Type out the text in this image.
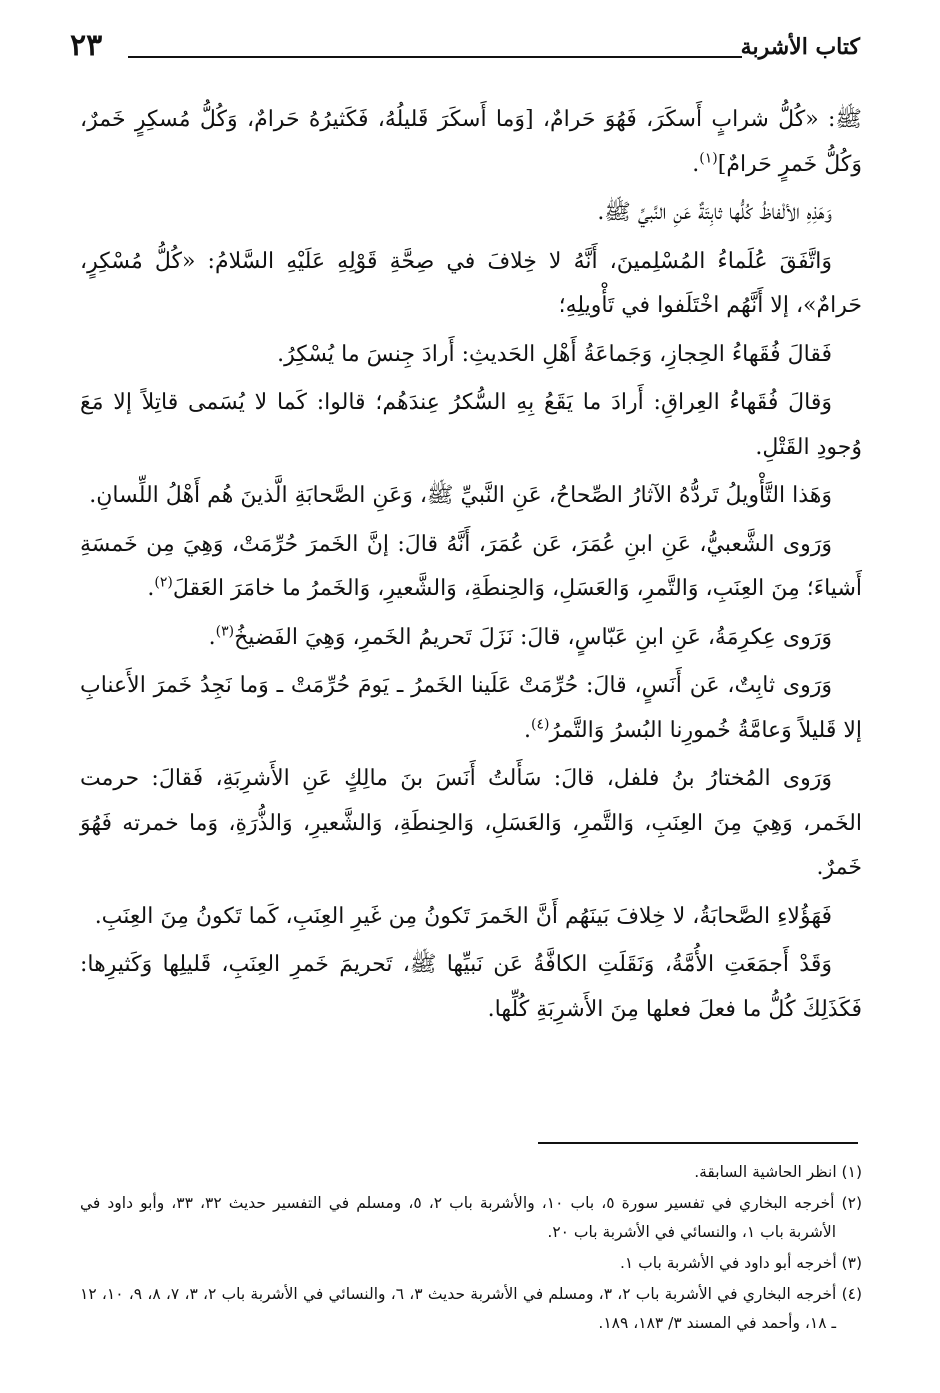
٢٣	كتاب الأشربة

ﷺ: «كُلُّ شرابٍ أَسكَرَ، فَهُوَ حَرامٌ، [وَما أَسكَرَ قَليلُهُ، فَكَثيرُهُ حَرامٌ، وَكُلُّ مُسكِرٍ خَمرٌ، وَكُلُّ خَمرٍ حَرامٌ]$^{(١)}$.

وَهَذِهِ الألْفاظُ كُلُّها ثابِتَةٌ عَنِ النَّبيِّ ﷺ.

وَاتَّفَقَ عُلَماءُ المُسْلِمينَ، أَنَّهُ لا خِلافَ في صِحَّةِ قَوْلِهِ عَلَيْهِ السَّلامُ: «كُلُّ مُسْكِرٍ، حَرامٌ»، إلا أَنَّهُم اخْتَلَفوا في تَأْويلِهِ؛

فَقالَ فُقَهاءُ الحِجازِ، وَجَماعَةُ أَهْلِ الحَديثِ: أَرادَ جِنسَ ما يُسْكِرُ.

وَقالَ فُقَهاءُ العِراقِ: أَرادَ ما يَقَعُ بِهِ السُّكرُ عِندَهُم؛ قالوا: كَما لا يُسَمى قاتِلاً إلا مَعَ وُجودِ القَتْلِ.

وَهَذا التَّأْويلُ تَردُّهُ الآثارُ الصِّحاحُ، عَنِ النَّبيِّ ﷺ، وَعَنِ الصَّحابَةِ الَّذينَ هُم أَهْلُ اللِّسانِ.

وَرَوى الشَّعبيُّ، عَنِ ابنِ عُمَرَ، عَن عُمَرَ، أَنَّهُ قالَ: إنَّ الخَمرَ حُرِّمَتْ، وَهِيَ مِن خَمسَةِ أَشياءَ؛ مِنَ العِنَبِ، وَالتَّمرِ، وَالعَسَلِ، وَالحِنطَةِ، وَالشَّعيرِ، وَالخَمرُ ما خامَرَ العَقلَ$^{(٢)}$.

وَرَوى عِكرِمَةُ، عَنِ ابنِ عَبّاسٍ، قالَ: نَزَلَ تَحريمُ الخَمرِ، وَهِيَ الفَضيخُ$^{(٣)}$.

وَرَوى ثابِتٌ، عَن أَنَسٍ، قالَ: حُرِّمَتْ عَلَينا الخَمرُ ـ يَومَ حُرِّمَتْ ـ وَما نَجِدُ خَمرَ الأَعنابِ إلا قَليلاً وَعامَّةُ خُمورِنا البُسرُ وَالتَّمرُ$^{(٤)}$.

وَرَوى المُختارُ بنُ فلفل، قالَ: سَأَلتُ أَنَسَ بنَ مالِكٍ عَنِ الأَشرِبَةِ، فَقالَ: حرمت الخَمر، وَهِيَ مِنَ العِنَبِ، وَالتَّمرِ، وَالعَسَلِ، وَالحِنطَةِ، وَالشَّعيرِ، وَالذُّرَةِ، وَما خمرته فَهُوَ خَمرٌ.

فَهَؤُلاءِ الصَّحابَةُ، لا خِلافَ بَينَهُم أَنَّ الخَمرَ تَكونُ مِن غَيرِ العِنَبِ، كَما تَكونُ مِنَ العِنَبِ.

وَقَدْ أَجمَعَتِ الأُمَّةُ، وَنَقَلَتِ الكافَّةُ عَن نَبيِّها ﷺ، تَحريمَ خَمرِ العِنَبِ، قَليلِها وَكَثيرِها: فَكَذَلِكَ كُلُّ ما فعلَ فعلها مِنَ الأَشرِبَةِ كُلِّها.

(١) انظر الحاشية السابقة.

(٢) أخرجه البخاري في تفسير سورة ٥، باب ١٠، والأشربة باب ٢، ٥، ومسلم في التفسير حديث ٣٢، ٣٣، وأبو داود في الأشربة باب ١، والنسائي في الأشربة باب ٢٠.

(٣) أخرجه أبو داود في الأشربة باب ١.

(٤) أخرجه البخاري في الأشربة باب ٢، ٣، ومسلم في الأشربة حديث ٣، ٦، والنسائي في الأشربة باب ٢، ٣، ٧، ٨، ٩، ١٠، ١٢ ـ ١٨، وأحمد في المسند ٣/ ١٨٣، ١٨٩.
